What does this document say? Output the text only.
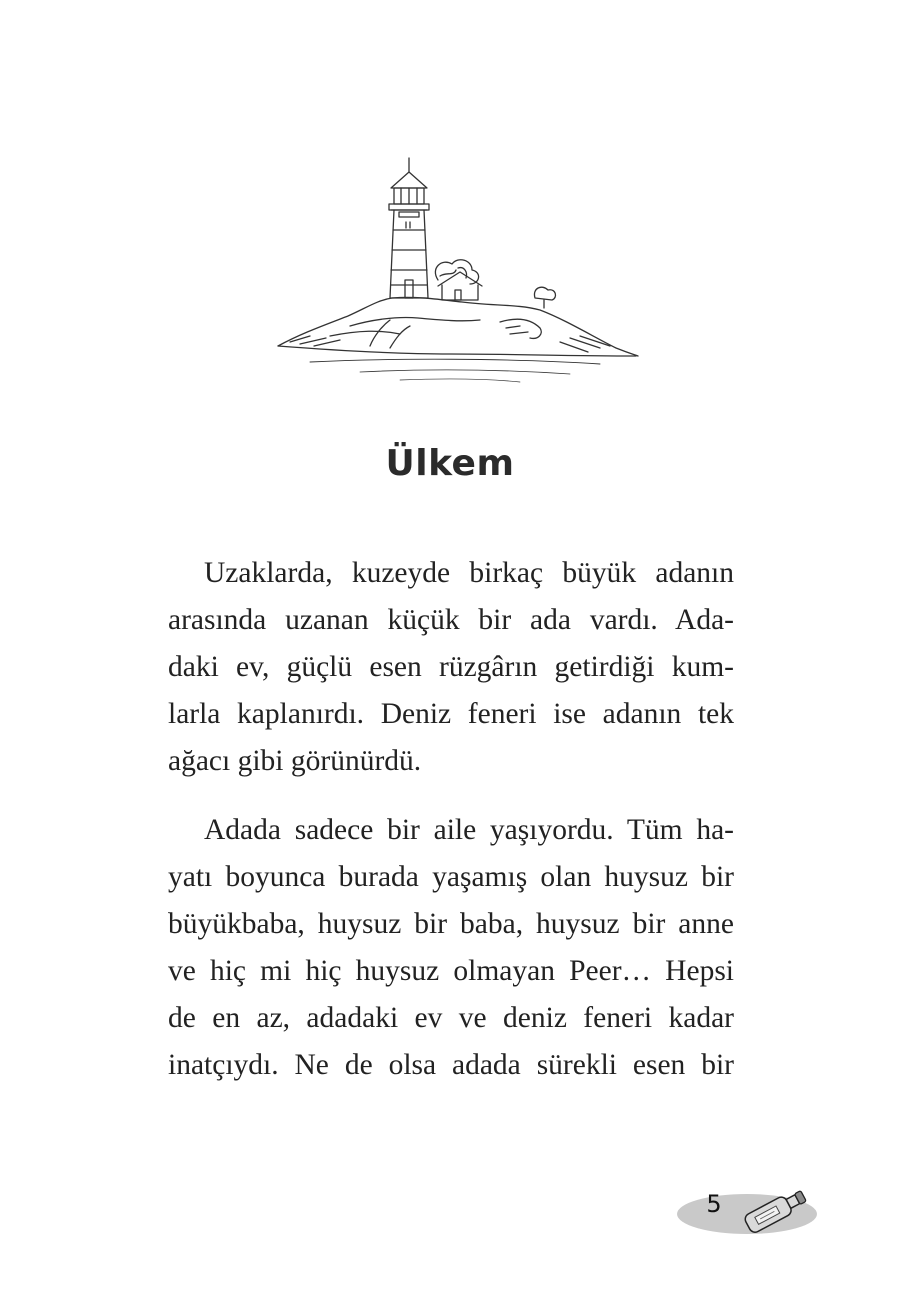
Ülkem

Uzaklarda, kuzeyde birkaç büyük adanın
arasında uzanan küçük bir ada vardı. Ada-
daki ev, güçlü esen rüzgârın getirdiği kum-
larla kaplanırdı. Deniz feneri ise adanın tek
ağacı gibi görünürdü.

Adada sadece bir aile yaşıyordu. Tüm ha-
yatı boyunca burada yaşamış olan huysuz bir
büyükbaba, huysuz bir baba, huysuz bir anne
ve hiç mi hiç huysuz olmayan Peer… Hepsi
de en az, adadaki ev ve deniz feneri kadar
inatçıydı. Ne de olsa adada sürekli esen bir

5
